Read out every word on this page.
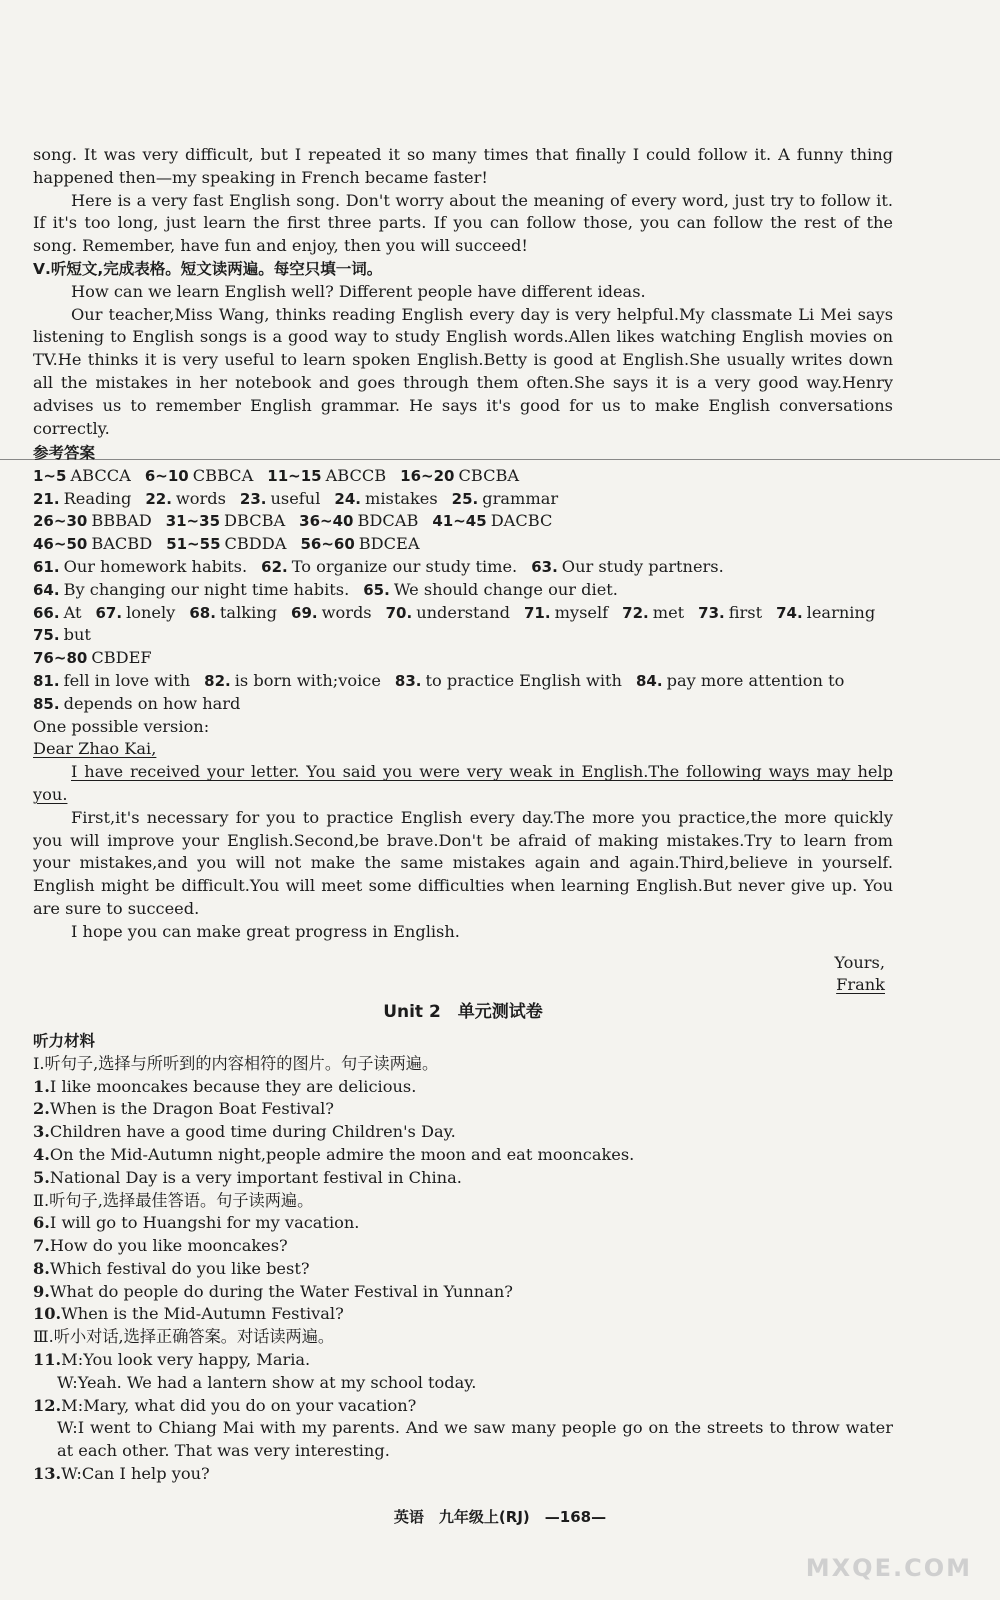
song. It was very difficult, but I repeated it so many times that finally I could follow it. A funny thing happened then—my speaking in French became faster!

Here is a very fast English song. Don't worry about the meaning of every word, just try to follow it. If it's too long, just learn the first three parts. If you can follow those, you can follow the rest of the song. Remember, have fun and enjoy, then you will succeed!

Ⅴ.听短文,完成表格。短文读两遍。每空只填一词。

How can we learn English well? Different people have different ideas.

Our teacher,Miss Wang, thinks reading English every day is very helpful.My classmate Li Mei says listening to English songs is a good way to study English words.Allen likes watching English movies on TV.He thinks it is very useful to learn spoken English.Betty is good at English.She usually writes down all the mistakes in her notebook and goes through them often.She says it is a very good way.Henry advises us to remember English grammar. He says it's good for us to make English conversations correctly.

参考答案

1~5 ABCCA 6~10 CBBCA 11~15 ABCCB 16~20 CBCBA

21. Reading 22. words 23. useful 24. mistakes 25. grammar

26~30 BBBAD 31~35 DBCBA 36~40 BDCAB 41~45 DACBC

46~50 BACBD 51~55 CBDDA 56~60 BDCEA

61. Our homework habits. 62. To organize our study time. 63. Our study partners.

64. By changing our night time habits. 65. We should change our diet.

66. At 67. lonely 68. talking 69. words 70. understand 71. myself 72. met 73. first 74. learning

75. but

76~80 CBDEF

81. fell in love with 82. is born with;voice 83. to practice English with 84. pay more attention to

85. depends on how hard

One possible version:

Dear Zhao Kai,

I have received your letter. You said you were very weak in English.The following ways may help you.

First,it's necessary for you to practice English every day.The more you practice,the more quickly you will improve your English.Second,be brave.Don't be afraid of making mistakes.Try to learn from your mistakes,and you will not make the same mistakes again and again.Third,believe in yourself. English might be difficult.You will meet some difficulties when learning English.But never give up. You are sure to succeed.

I hope you can make great progress in English.

Yours,

Frank

Unit 2　单元测试卷

听力材料

Ⅰ.听句子,选择与所听到的内容相符的图片。句子读两遍。

1.I like mooncakes because they are delicious.

2.When is the Dragon Boat Festival?

3.Children have a good time during Children's Day.

4.On the Mid-Autumn night,people admire the moon and eat mooncakes.

5.National Day is a very important festival in China.

Ⅱ.听句子,选择最佳答语。句子读两遍。

6.I will go to Huangshi for my vacation.

7.How do you like mooncakes?

8.Which festival do you like best?

9.What do people do during the Water Festival in Yunnan?

10.When is the Mid-Autumn Festival?

Ⅲ.听小对话,选择正确答案。对话读两遍。

11.M:You look very happy, Maria.

W:Yeah. We had a lantern show at my school today.

12.M:Mary, what did you do on your vacation?

W:I went to Chiang Mai with my parents. And we saw many people go on the streets to throw water at each other. That was very interesting.

13.W:Can I help you?

英语　九年级上(RJ)　—168—
MXQE.COM
